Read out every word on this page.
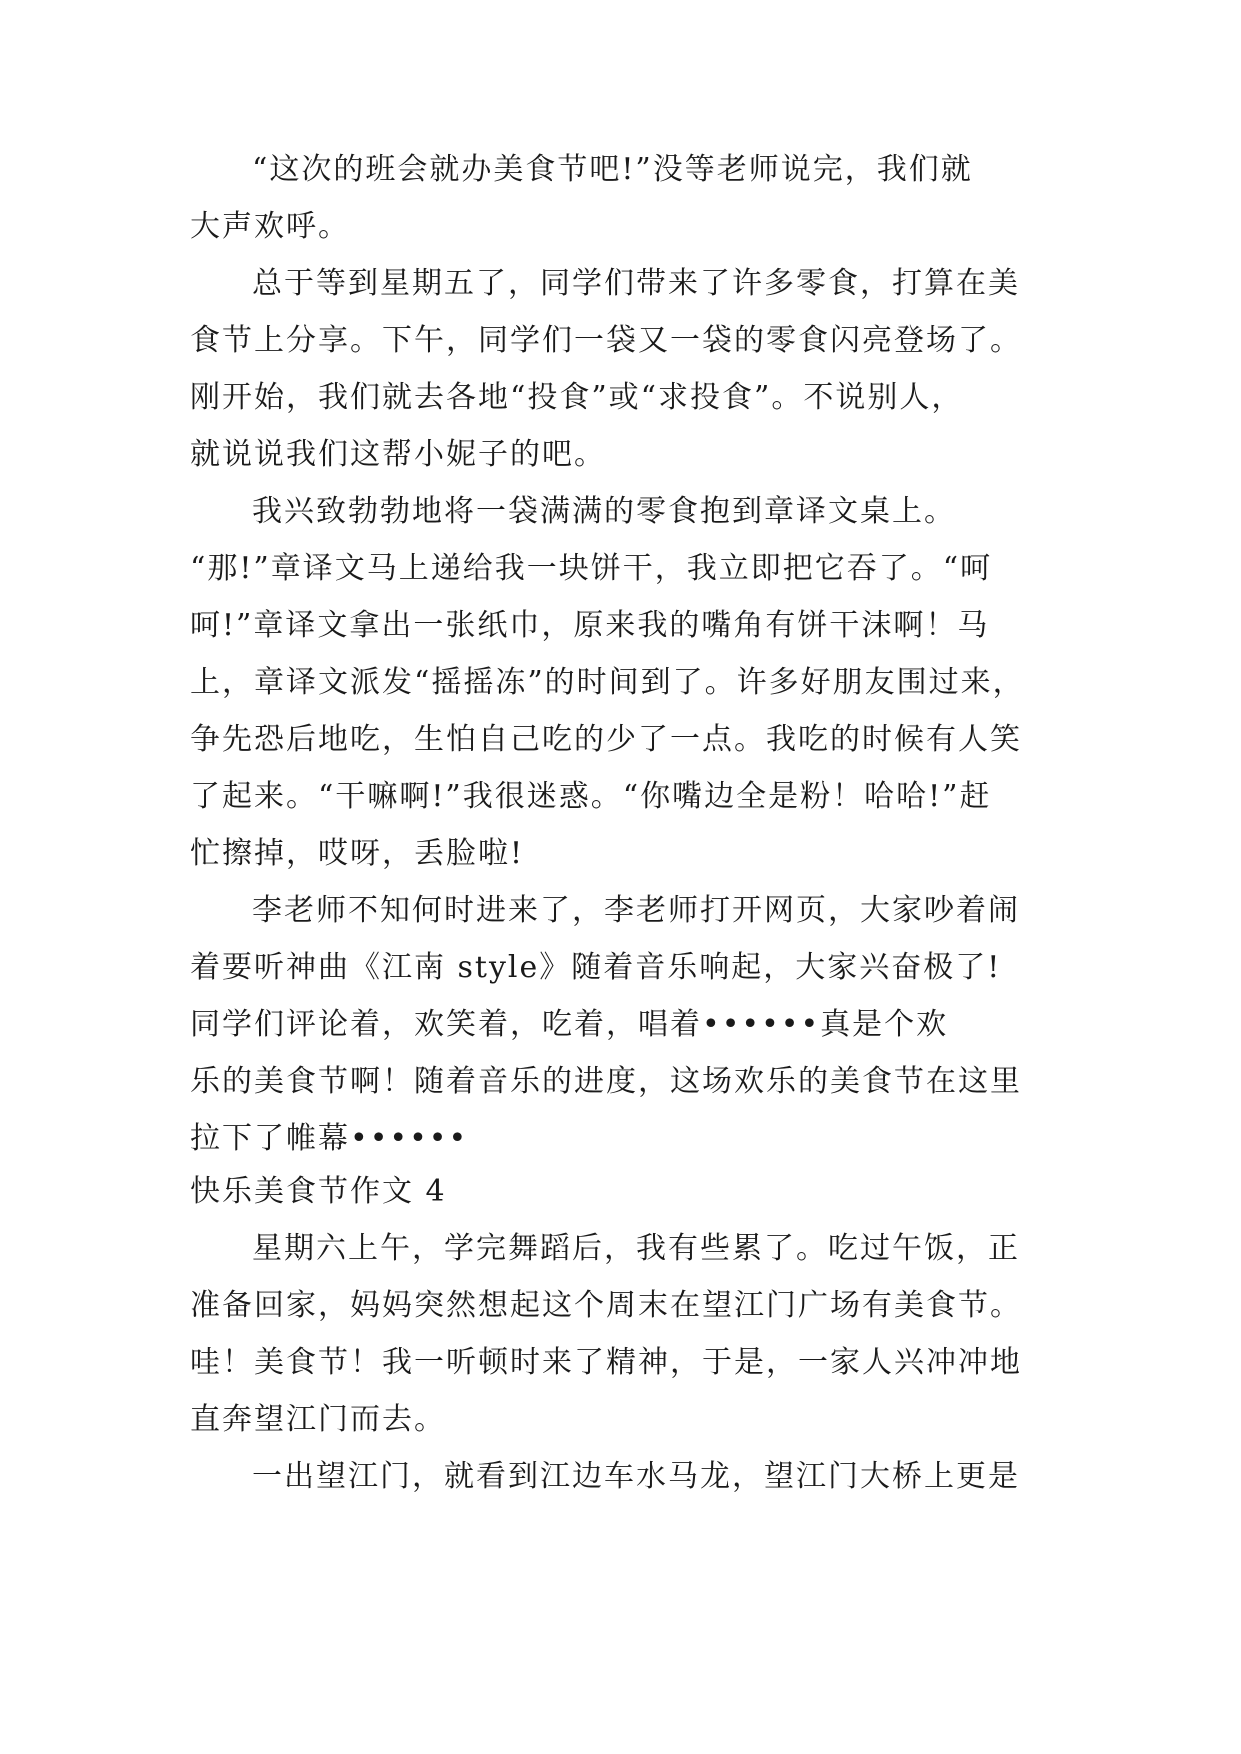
“这次的班会就办美食节吧!”没等老师说完，我们就
大声欢呼。
总于等到星期五了，同学们带来了许多零食，打算在美
食节上分享。下午，同学们一袋又一袋的零食闪亮登场了。
刚开始，我们就去各地“投食”或“求投食”。不说别人，
就说说我们这帮小妮子的吧。
我兴致勃勃地将一袋满满的零食抱到章译文桌上。
“那!”章译文马上递给我一块饼干，我立即把它吞了。“呵
呵!”章译文拿出一张纸巾，原来我的嘴角有饼干沫啊！马
上，章译文派发“摇摇冻”的时间到了。许多好朋友围过来，
争先恐后地吃，生怕自己吃的少了一点。我吃的时候有人笑
了起来。“干嘛啊!”我很迷惑。“你嘴边全是粉！哈哈!”赶
忙擦掉，哎呀，丢脸啦!
李老师不知何时进来了，李老师打开网页，大家吵着闹
着要听神曲《江南 style》随着音乐响起，大家兴奋极了!
同学们评论着，欢笑着，吃着，唱着••••••真是个欢
乐的美食节啊！随着音乐的进度，这场欢乐的美食节在这里
拉下了帷幕••••••
快乐美食节作文 4
星期六上午，学完舞蹈后，我有些累了。吃过午饭，正
准备回家，妈妈突然想起这个周末在望江门广场有美食节。
哇！美食节！我一听顿时来了精神，于是，一家人兴冲冲地
直奔望江门而去。
一出望江门，就看到江边车水马龙，望江门大桥上更是
